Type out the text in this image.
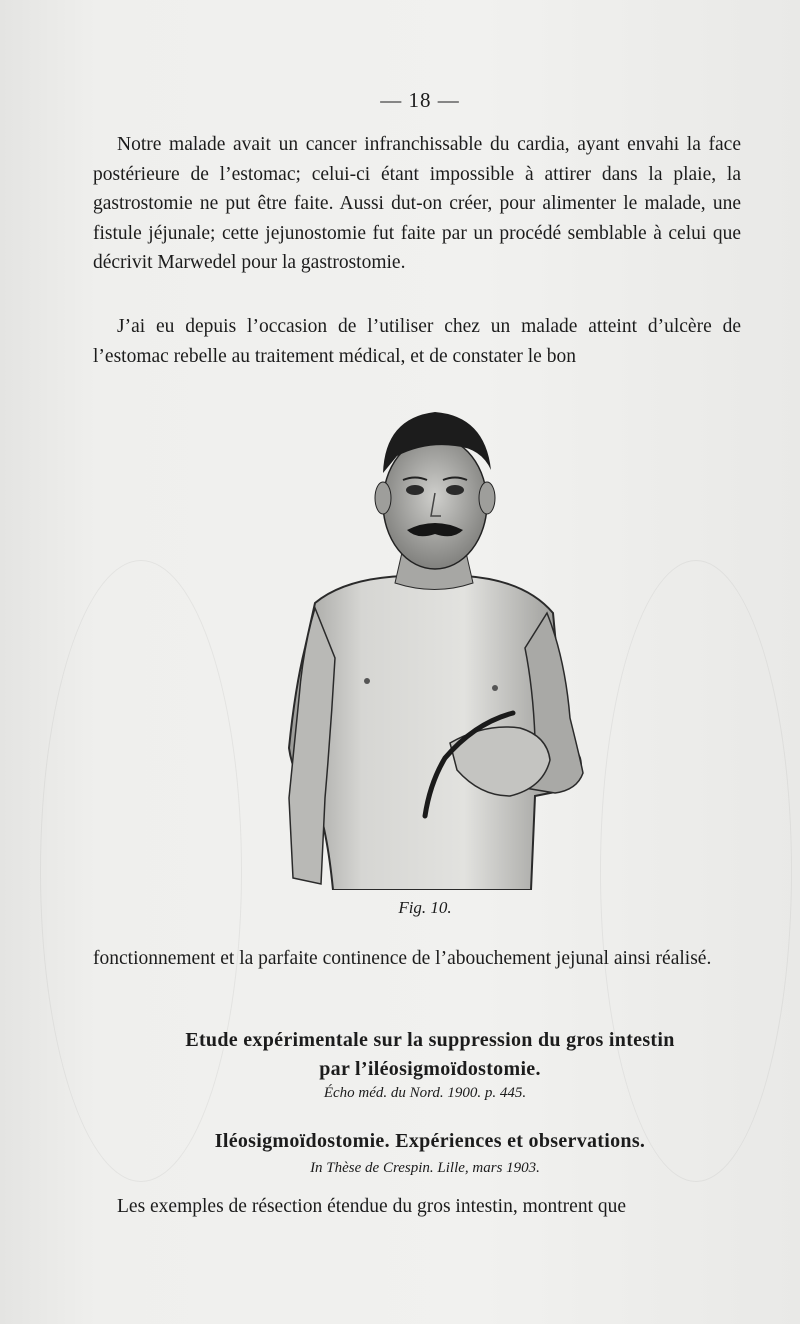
— 18 —

Notre malade avait un cancer infranchissable du cardia, ayant envahi la face postérieure de l’estomac; celui-ci étant impossible à attirer dans la plaie, la gastrostomie ne put être faite. Aussi dut-on créer, pour alimenter le malade, une fistule jéjunale; cette jejunostomie fut faite par un procédé semblable à celui que décrivit Marwedel pour la gastrostomie.

J’ai eu depuis l’occasion de l’utiliser chez un malade atteint d’ulcère de l’estomac rebelle au traitement médical, et de constater le bon

Fig. 10.

fonctionnement et la parfaite continence de l’abouchement jejunal ainsi réalisé.

Etude expérimentale sur la suppression du gros intestin
par l’iléosigmoïdostomie.
Écho méd. du Nord. 1900. p. 445.
Iléosigmoïdostomie. Expériences et observations.
In Thèse de Crespin. Lille, mars 1903.

Les exemples de résection étendue du gros intestin, montrent que
